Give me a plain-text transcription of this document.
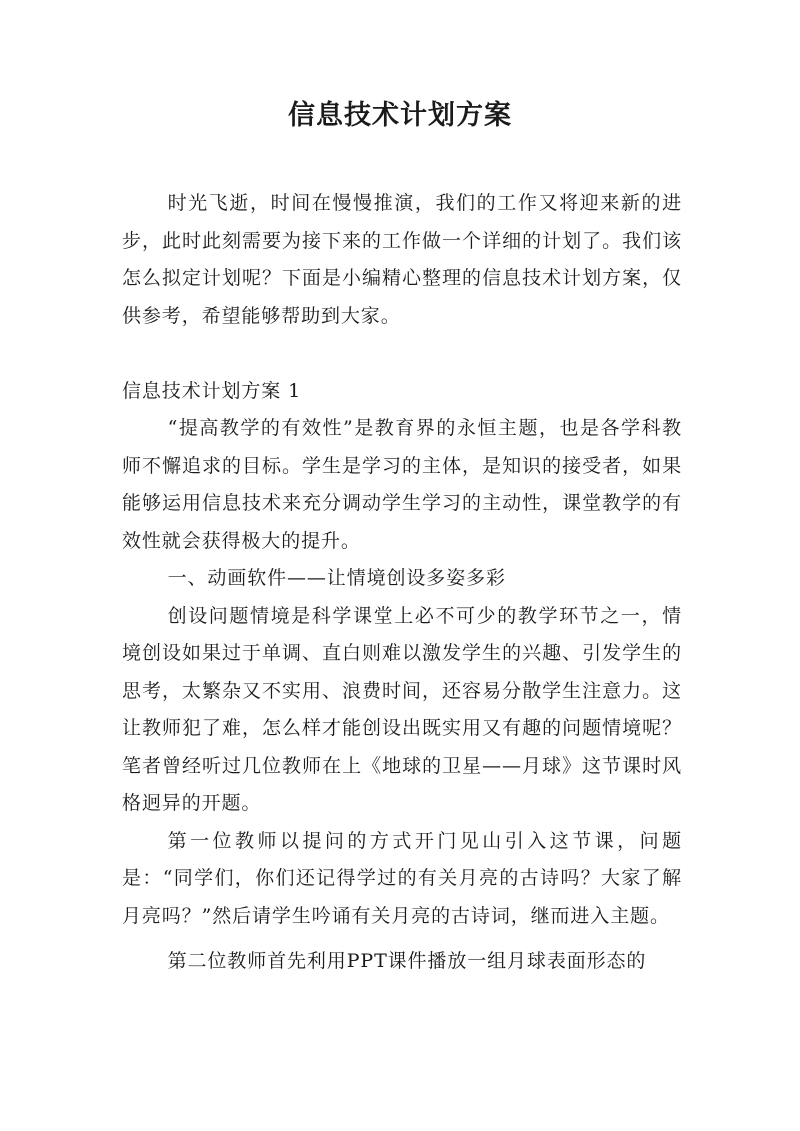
信息技术计划方案

时光飞逝，时间在慢慢推演，我们的工作又将迎来新的进步，此时此刻需要为接下来的工作做一个详细的计划了。我们该怎么拟定计划呢？下面是小编精心整理的信息技术计划方案，仅供参考，希望能够帮助到大家。

信息技术计划方案 1

“提高教学的有效性”是教育界的永恒主题，也是各学科教师不懈追求的目标。学生是学习的主体，是知识的接受者，如果能够运用信息技术来充分调动学生学习的主动性，课堂教学的有效性就会获得极大的提升。

一、动画软件——让情境创设多姿多彩

创设问题情境是科学课堂上必不可少的教学环节之一，情境创设如果过于单调、直白则难以激发学生的兴趣、引发学生的思考，太繁杂又不实用、浪费时间，还容易分散学生注意力。这让教师犯了难，怎么样才能创设出既实用又有趣的问题情境呢？笔者曾经听过几位教师在上《地球的卫星——月球》这节课时风格迥异的开题。

第一位教师以提问的方式开门见山引入这节课，问题是：“同学们，你们还记得学过的有关月亮的古诗吗？大家了解月亮吗？”然后请学生吟诵有关月亮的古诗词，继而进入主题。

第二位教师首先利用PPT课件播放一组月球表面形态的
